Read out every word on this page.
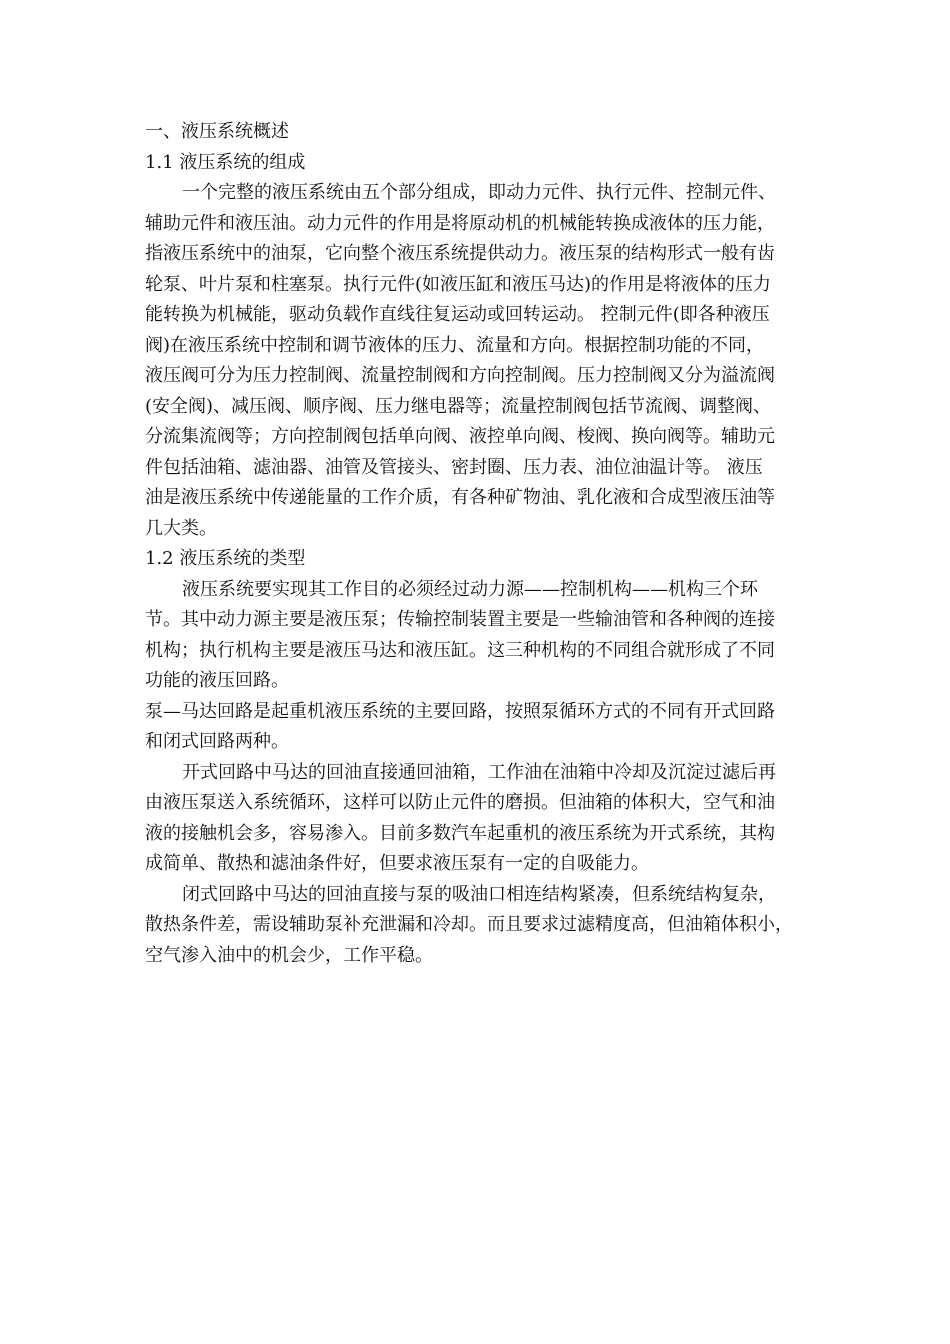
一、液压系统概述
1.1 液压系统的组成
一个完整的液压系统由五个部分组成，即动力元件、执行元件、控制元件、
辅助元件和液压油。动力元件的作用是将原动机的机械能转换成液体的压力能，
指液压系统中的油泵，它向整个液压系统提供动力。液压泵的结构形式一般有齿
轮泵、叶片泵和柱塞泵。执行元件(如液压缸和液压马达)的作用是将液体的压力
能转换为机械能，驱动负载作直线往复运动或回转运动。 控制元件(即各种液压
阀)在液压系统中控制和调节液体的压力、流量和方向。根据控制功能的不同，
液压阀可分为压力控制阀、流量控制阀和方向控制阀。压力控制阀又分为溢流阀
(安全阀)、减压阀、顺序阀、压力继电器等；流量控制阀包括节流阀、调整阀、
分流集流阀等；方向控制阀包括单向阀、液控单向阀、梭阀、换向阀等。辅助元
件包括油箱、滤油器、油管及管接头、密封圈、压力表、油位油温计等。 液压
油是液压系统中传递能量的工作介质，有各种矿物油、乳化液和合成型液压油等
几大类。
1.2 液压系统的类型
液压系统要实现其工作目的必须经过动力源——控制机构——机构三个环
节。其中动力源主要是液压泵；传输控制装置主要是一些输油管和各种阀的连接
机构；执行机构主要是液压马达和液压缸。这三种机构的不同组合就形成了不同
功能的液压回路。
泵—马达回路是起重机液压系统的主要回路，按照泵循环方式的不同有开式回路
和闭式回路两种。
开式回路中马达的回油直接通回油箱，工作油在油箱中冷却及沉淀过滤后再
由液压泵送入系统循环，这样可以防止元件的磨损。但油箱的体积大，空气和油
液的接触机会多，容易渗入。目前多数汽车起重机的液压系统为开式系统，其构
成简单、散热和滤油条件好，但要求液压泵有一定的自吸能力。
闭式回路中马达的回油直接与泵的吸油口相连结构紧凑，但系统结构复杂，
散热条件差，需设辅助泵补充泄漏和冷却。而且要求过滤精度高，但油箱体积小，
空气渗入油中的机会少，工作平稳。
